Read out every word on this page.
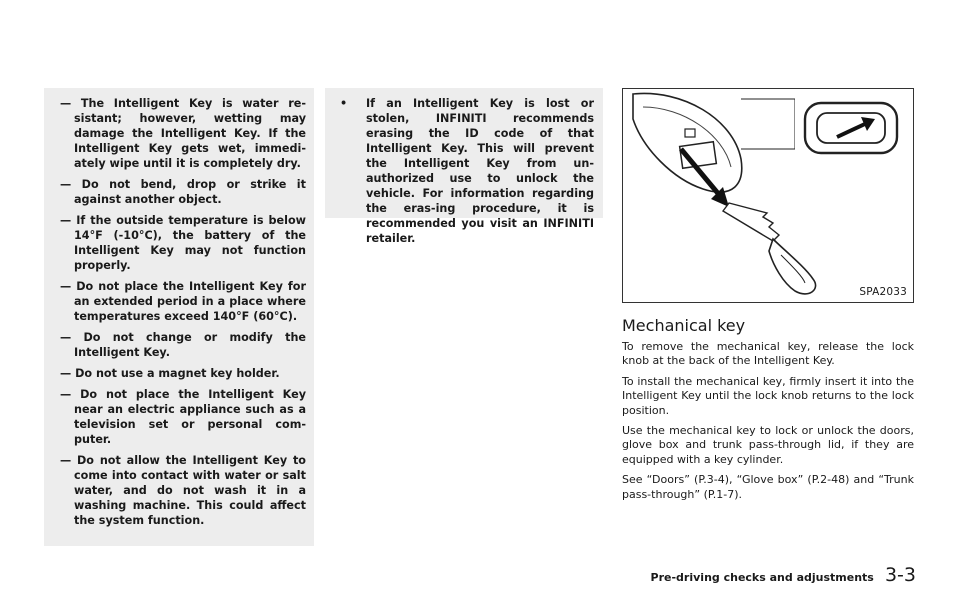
— The Intelligent Key is water re-sistant; however, wetting may damage the Intelligent Key. If the Intelligent Key gets wet, immedi-ately wipe until it is completely dry.
— Do not bend, drop or strike it against another object.
— If the outside temperature is below 14°F (-10°C), the battery of the Intelligent Key may not function properly.
— Do not place the Intelligent Key for an extended period in a place where temperatures exceed 140°F (60°C).
— Do not change or modify the Intelligent Key.
— Do not use a magnet key holder.
— Do not place the Intelligent Key near an electric appliance such as a television set or personal com-puter.
— Do not allow the Intelligent Key to come into contact with water or salt water, and do not wash it in a washing machine. This could affect the system function.
• If an Intelligent Key is lost or stolen, INFINITI recommends erasing the ID code of that Intelligent Key. This will prevent the Intelligent Key from un-authorized use to unlock the vehicle. For information regarding the eras-ing procedure, it is recommended you visit an INFINITI retailer.
SPA2033
Mechanical key

To remove the mechanical key, release the lock knob at the back of the Intelligent Key.

To install the mechanical key, firmly insert it into the Intelligent Key until the lock knob returns to the lock position.

Use the mechanical key to lock or unlock the doors, glove box and trunk pass-through lid, if they are equipped with a key cylinder.

See “Doors” (P.3-4), “Glove box” (P.2-48) and “Trunk pass-through” (P.1-7).

Pre-driving checks and adjustments 3-3
